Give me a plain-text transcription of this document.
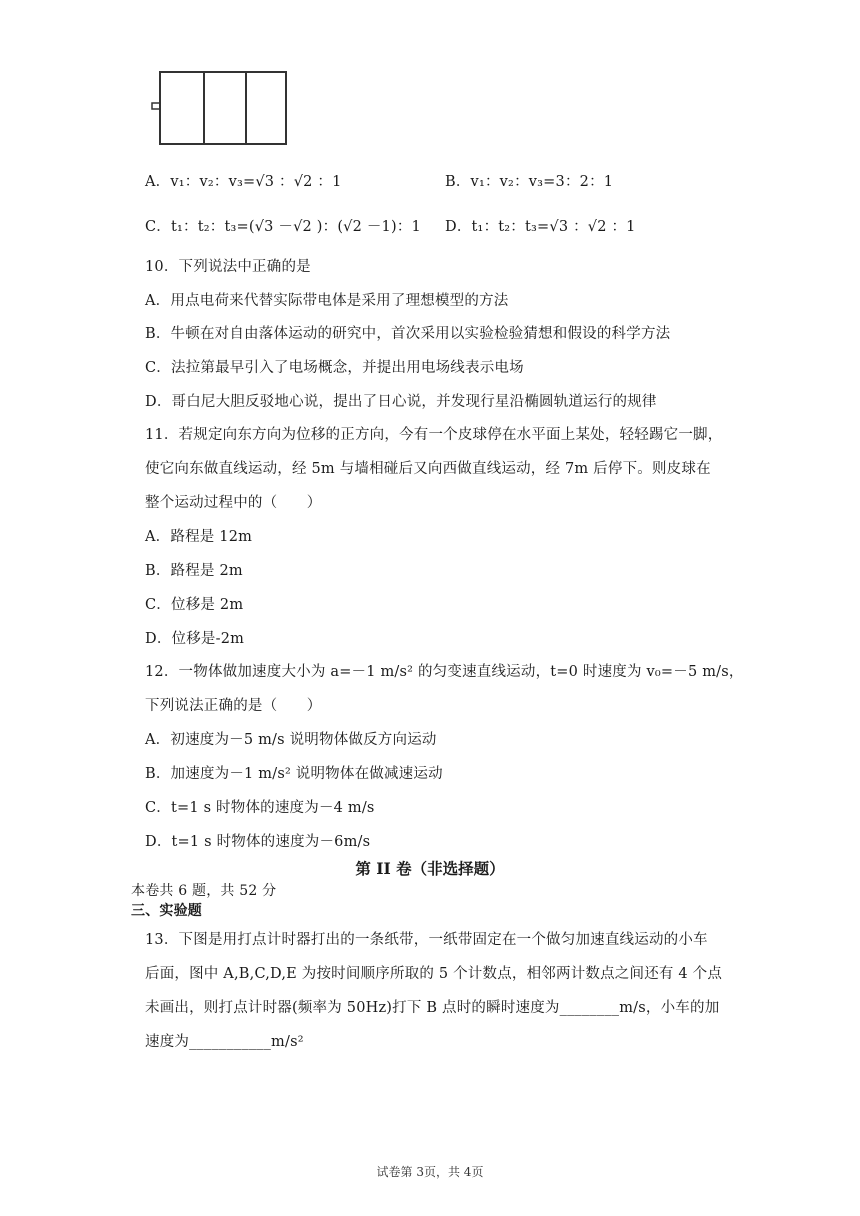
A．v₁：v₂：v₃=√3 ：√2 ：1	B．v₁：v₂：v₃=3：2：1
C．t₁：t₂：t₃=(√3 －√2 )：(√2 －1)：1 D．t₁：t₂：t₃=√3 ：√2 ：1
10．下列说法中正确的是
A．用点电荷来代替实际带电体是采用了理想模型的方法
B．牛顿在对自由落体运动的研究中，首次采用以实验检验猜想和假设的科学方法
C．法拉第最早引入了电场概念，并提出用电场线表示电场
D．哥白尼大胆反驳地心说，提出了日心说，并发现行星沿椭圆轨道运行的规律
11．若规定向东方向为位移的正方向，今有一个皮球停在水平面上某处，轻轻踢它一脚，
使它向东做直线运动，经 5m 与墙相碰后又向西做直线运动，经 7m 后停下。则皮球在
整个运动过程中的（　　）
A．路程是 12m
B．路程是 2m
C．位移是 2m
D．位移是-2m
12．一物体做加速度大小为 a=－1 m/s² 的匀变速直线运动，t=0 时速度为 v₀=－5 m/s，
下列说法正确的是（　　）
A．初速度为－5 m/s 说明物体做反方向运动
B．加速度为－1 m/s² 说明物体在做减速运动
C．t=1 s 时物体的速度为－4 m/s
D．t=1 s 时物体的速度为－6m/s
第 II 卷（非选择题）
本卷共 6 题，共 52 分
三、实验题
13．下图是用打点计时器打出的一条纸带，一纸带固定在一个做匀加速直线运动的小车
后面，图中 A,B,C,D,E 为按时间顺序所取的 5 个计数点，相邻两计数点之间还有 4 个点
未画出，则打点计时器(频率为 50Hz)打下 B 点时的瞬时速度为________m/s，小车的加
速度为___________m/s²
试卷第 3页，共 4页
